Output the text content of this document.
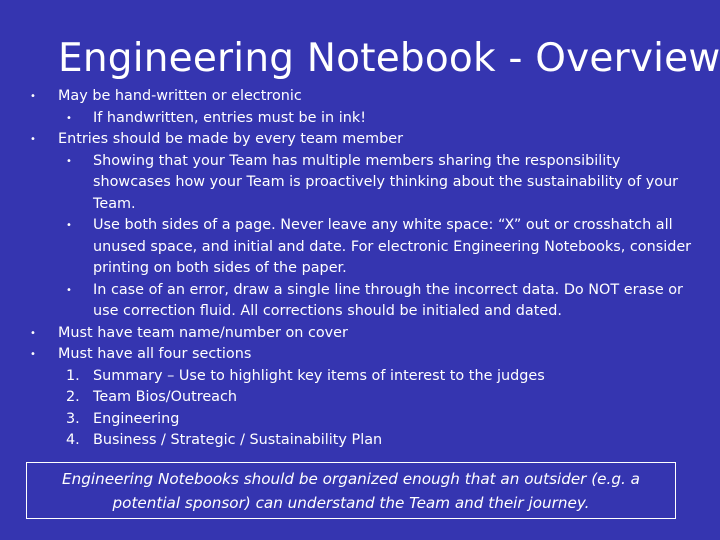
Engineering Notebook - Overview
• May be hand-written or electronic
• If handwritten, entries must be in ink!
• Entries should be made by every team member
• Showing that your Team has multiple members sharing the responsibility
showcases how your Team is proactively thinking about the sustainability of your
Team.
• Use both sides of a page. Never leave any white space: “X” out or crosshatch all
unused space, and initial and date. For electronic Engineering Notebooks, consider
printing on both sides of the paper.
• In case of an error, draw a single line through the incorrect data. Do NOT erase or
use correction fluid. All corrections should be initialed and dated.
• Must have team name/number on cover
• Must have all four sections
1. Summary – Use to highlight key items of interest to the judges
2. Team Bios/Outreach
3. Engineering
4. Business / Strategic / Sustainability Plan
Engineering Notebooks should be organized enough that an outsider (e.g. a
potential sponsor) can understand the Team and their journey.
